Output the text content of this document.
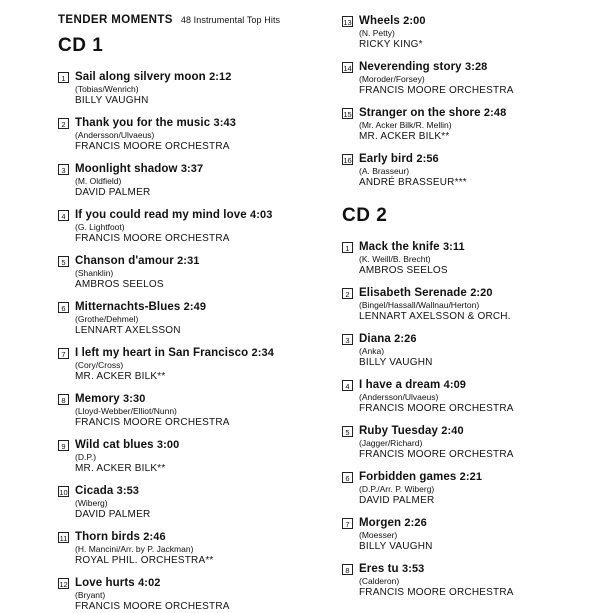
TENDER MOMENTS 48 Instrumental Top Hits
CD 1
1 Sail along silvery moon 2:12
(Tobias/Wenrich)
BILLY VAUGHN
2 Thank you for the music 3:43
(Andersson/Ulvaeus)
FRANCIS MOORE ORCHESTRA
3 Moonlight shadow 3:37
(M. Oldfield)
DAVID PALMER
4 If you could read my mind love 4:03
(G. Lightfoot)
FRANCIS MOORE ORCHESTRA
5 Chanson d'amour 2:31
(Shanklin)
AMBROS SEELOS
6 Mitternachts-Blues 2:49
(Grothe/Dehmel)
LENNART AXELSSON
7 I left my heart in San Francisco 2:34
(Cory/Cross)
MR. ACKER BILK**
8 Memory 3:30
(Lloyd-Webber/Elliot/Nunn)
FRANCIS MOORE ORCHESTRA
9 Wild cat blues 3:00
(D.P.)
MR. ACKER BILK**
10 Cicada 3:53
(Wiberg)
DAVID PALMER
11 Thorn birds 2:46
(H. Mancini/Arr. by P. Jackman)
ROYAL PHIL. ORCHESTRA**
12 Love hurts 4:02
(Bryant)
FRANCIS MOORE ORCHESTRA
13 Wheels 2:00
(N. Petty)
RICKY KING*
14 Neverending story 3:28
(Moroder/Forsey)
FRANCIS MOORE ORCHESTRA
15 Stranger on the shore 2:48
(Mr. Acker Bilk/R. Mellin)
MR. ACKER BILK**
16 Early bird 2:56
(A. Brasseur)
ANDRÉ BRASSEUR***
CD 2
1 Mack the knife 3:11
(K. Weill/B. Brecht)
AMBROS SEELOS
2 Elisabeth Serenade 2:20
(Bingel/Hassall/Wallnau/Herton)
LENNART AXELSSON & ORCH.
3 Diana 2:26
(Anka)
BILLY VAUGHN
4 I have a dream 4:09
(Andersson/Ulvaeus)
FRANCIS MOORE ORCHESTRA
5 Ruby Tuesday 2:40
(Jagger/Richard)
FRANCIS MOORE ORCHESTRA
6 Forbidden games 2:21
(D.P./Arr. P. Wiberg)
DAVID PALMER
7 Morgen 2:26
(Moesser)
BILLY VAUGHN
8 Eres tu 3:53
(Calderon)
FRANCIS MOORE ORCHESTRA
